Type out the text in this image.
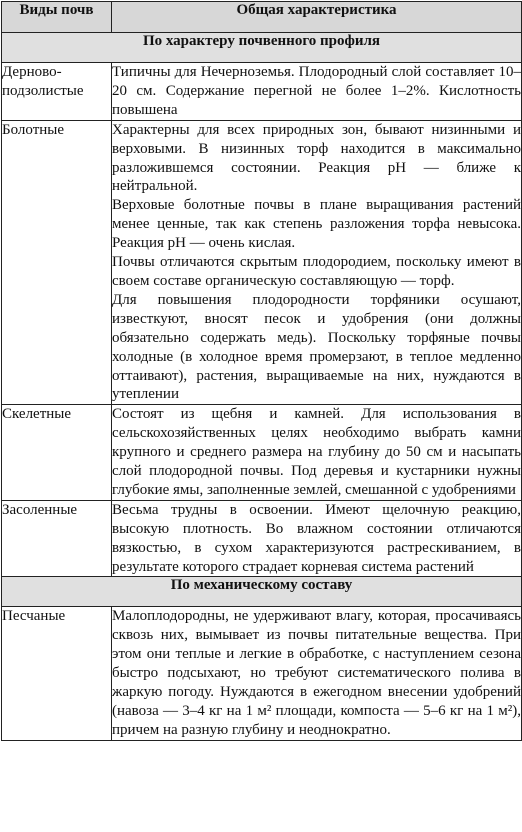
Виды почв	Общая характеристика
По характеру почвенного профиля	
Дерново-
подзолистые	Типичны для Нечерноземья. Плодородный слой составляет 10–20 см. Содержание перегной не более 1–2%. Кислотность повышена

Болотные	Характерны для всех природных зон, бывают низинными и верховыми. В низинных торф находится в максимально разложившемся состоянии. Реакция pH — ближе к нейтральной.

Верховые болотные почвы в плане выращивания растений менее ценные, так как степень разложения торфа невысока. Реакция pH — очень кислая.

Почвы отличаются скрытым плодородием, поскольку имеют в своем составе органическую составляющую — торф.

Для повышения плодородности торфяники осушают, известкуют, вносят песок и удобрения (они должны обязательно содержать медь). Поскольку торфяные почвы холодные (в холодное время промерзают, в теплое медленно оттаивают), растения, выращиваемые на них, нуждаются в утеплении

Скелетные	Состоят из щебня и камней. Для использования в сельскохозяйственных целях необходимо выбрать камни крупного и среднего размера на глубину до 50 см и насыпать слой плодородной почвы. Под деревья и кустарники нужны глубокие ямы, заполненные землей, смешанной с удобрениями

Засоленные	Весьма трудны в освоении. Имеют щелочную реакцию, высокую плотность. Во влажном состоянии отличаются вязкостью, в сухом характеризуются растрескиванием, в результате которого страдает корневая система растений

По механическому составу	
Песчаные	Малоплодородны, не удерживают влагу, которая, просачиваясь сквозь них, вымывает из почвы питательные вещества. При этом они теплые и легкие в обработке, с наступлением сезона быстро подсыхают, но требуют систематического полива в жаркую погоду. Нуждаются в ежегодном внесении удобрений (навоза — 3–4 кг на 1 м² площади, компоста — 5–6 кг на 1 м²), причем на разную глубину и неоднократно.
